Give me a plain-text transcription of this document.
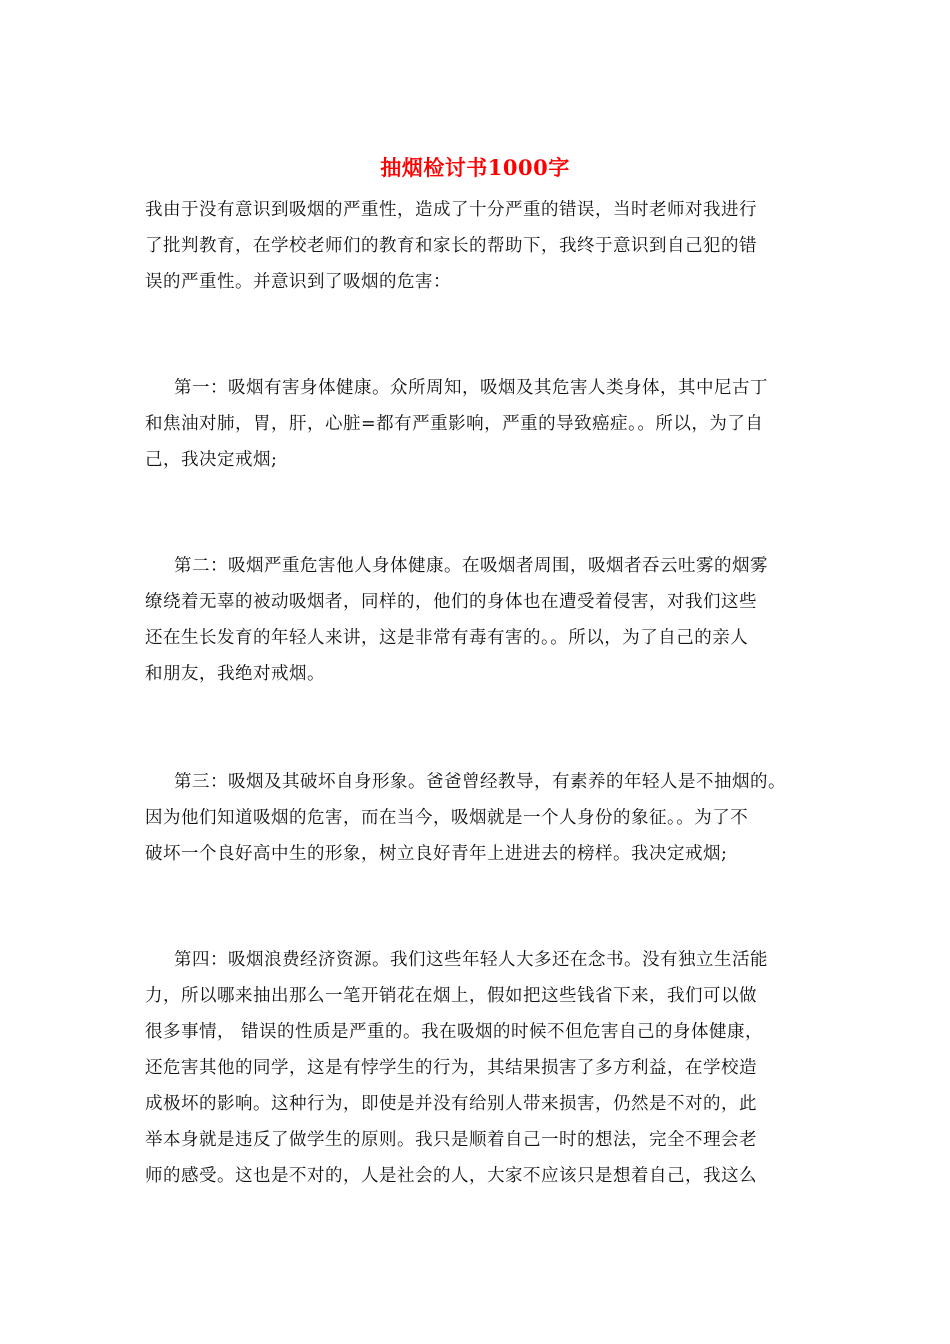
抽烟检讨书1000字
我由于没有意识到吸烟的严重性，造成了十分严重的错误，当时老师对我进行
了批判教育，在学校老师们的教育和家长的帮助下，我终于意识到自己犯的错
误的严重性。并意识到了吸烟的危害：
第一：吸烟有害身体健康。众所周知，吸烟及其危害人类身体，其中尼古丁
和焦油对肺，胃，肝，心脏=都有严重影响，严重的导致癌症。。所以，为了自
己，我决定戒烟;
第二：吸烟严重危害他人身体健康。在吸烟者周围，吸烟者吞云吐雾的烟雾
缭绕着无辜的被动吸烟者，同样的，他们的身体也在遭受着侵害，对我们这些
还在生长发育的年轻人来讲，这是非常有毒有害的。。所以，为了自己的亲人
和朋友，我绝对戒烟。
第三：吸烟及其破坏自身形象。爸爸曾经教导，有素养的年轻人是不抽烟的。
因为他们知道吸烟的危害，而在当今，吸烟就是一个人身份的象征。。为了不
破坏一个良好高中生的形象，树立良好青年上进进去的榜样。我决定戒烟;
第四：吸烟浪费经济资源。我们这些年轻人大多还在念书。没有独立生活能
力，所以哪来抽出那么一笔开销花在烟上，假如把这些钱省下来，我们可以做
很多事情， 错误的性质是严重的。我在吸烟的时候不但危害自己的身体健康，
还危害其他的同学，这是有悖学生的行为，其结果损害了多方利益，在学校造
成极坏的影响。这种行为，即使是并没有给别人带来损害，仍然是不对的，此
举本身就是违反了做学生的原则。我只是顺着自己一时的想法，完全不理会老
师的感受。这也是不对的，人是社会的人，大家不应该只是想着自己，我这么
